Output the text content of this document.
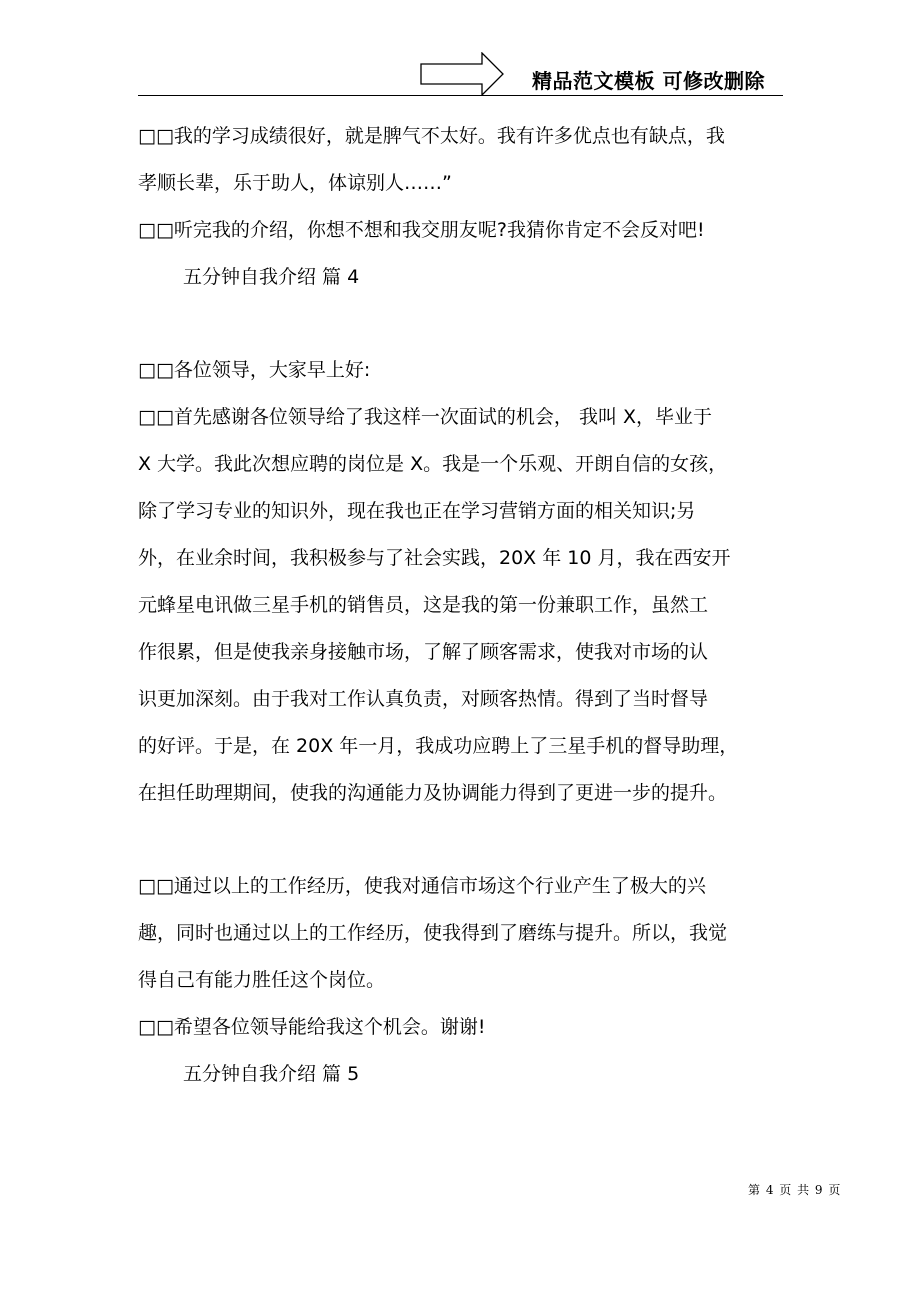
精品范文模板 可修改删除
□□我的学习成绩很好，就是脾气不太好。我有许多优点也有缺点，我
孝顺长辈，乐于助人，体谅别人……”
□□听完我的介绍，你想不想和我交朋友呢?我猜你肯定不会反对吧!
五分钟自我介绍 篇 4
□□各位领导，大家早上好:
□□首先感谢各位领导给了我这样一次面试的机会， 我叫 X，毕业于
X 大学。我此次想应聘的岗位是 X。我是一个乐观、开朗自信的女孩，
除了学习专业的知识外，现在我也正在学习营销方面的相关知识;另
外，在业余时间，我积极参与了社会实践，20X 年 10 月，我在西安开
元蜂星电讯做三星手机的销售员，这是我的第一份兼职工作，虽然工
作很累，但是使我亲身接触市场，了解了顾客需求，使我对市场的认
识更加深刻。由于我对工作认真负责，对顾客热情。得到了当时督导
的好评。于是，在 20X 年一月，我成功应聘上了三星手机的督导助理，
在担任助理期间，使我的沟通能力及协调能力得到了更进一步的提升。
□□通过以上的工作经历，使我对通信市场这个行业产生了极大的兴
趣，同时也通过以上的工作经历，使我得到了磨练与提升。所以，我觉
得自己有能力胜任这个岗位。
□□希望各位领导能给我这个机会。谢谢!
五分钟自我介绍 篇 5
第 4 页 共 9 页
